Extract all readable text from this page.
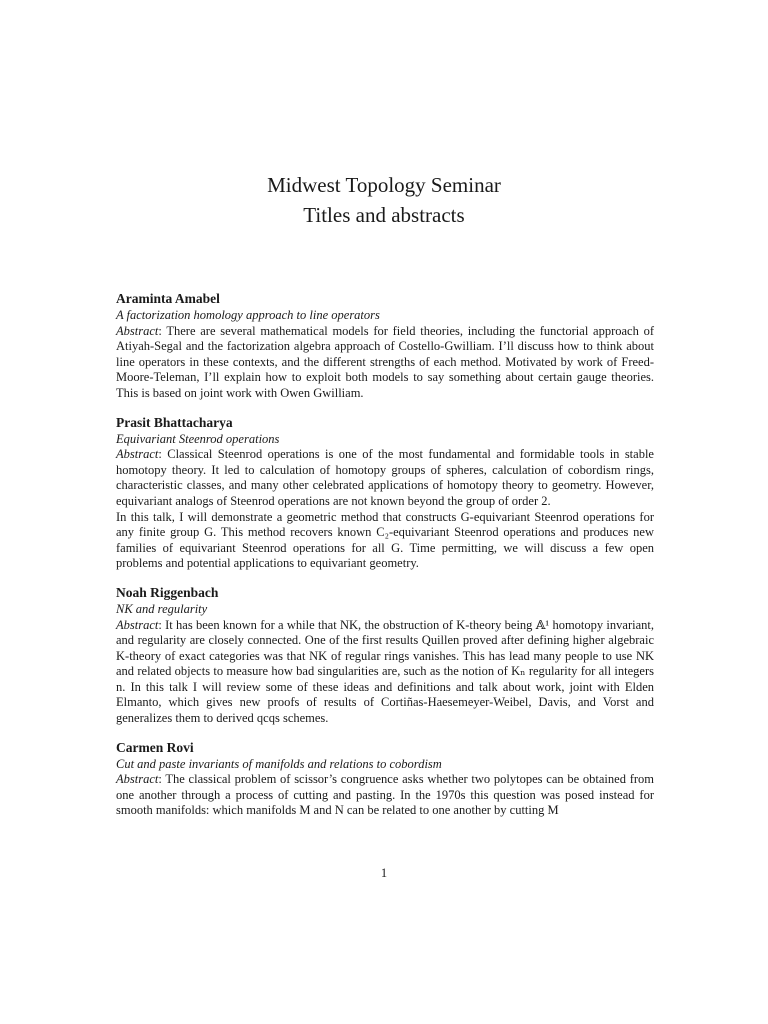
Midwest Topology Seminar
Titles and abstracts

Araminta Amabel

A factorization homology approach to line operators

Abstract: There are several mathematical models for field theories, including the functorial approach of Atiyah-Segal and the factorization algebra approach of Costello-Gwilliam. I’ll discuss how to think about line operators in these contexts, and the different strengths of each method. Motivated by work of Freed-Moore-Teleman, I’ll explain how to exploit both models to say something about certain gauge theories. This is based on joint work with Owen Gwilliam.

Prasit Bhattacharya

Equivariant Steenrod operations

Abstract: Classical Steenrod operations is one of the most fundamental and formidable tools in stable homotopy theory. It led to calculation of homotopy groups of spheres, calculation of cobordism rings, characteristic classes, and many other celebrated applications of homotopy theory to geometry. However, equivariant analogs of Steenrod operations are not known beyond the group of order 2.

In this talk, I will demonstrate a geometric method that constructs G-equivariant Steenrod operations for any finite group G. This method recovers known C₂-equivariant Steenrod operations and produces new families of equivariant Steenrod operations for all G. Time permitting, we will discuss a few open problems and potential applications to equivariant geometry.

Noah Riggenbach

NK and regularity

Abstract: It has been known for a while that NK, the obstruction of K-theory being 𝔸¹ homotopy invariant, and regularity are closely connected. One of the first results Quillen proved after defining higher algebraic K-theory of exact categories was that NK of regular rings vanishes. This has lead many people to use NK and related objects to measure how bad singularities are, such as the notion of Kₙ regularity for all integers n. In this talk I will review some of these ideas and definitions and talk about work, joint with Elden Elmanto, which gives new proofs of results of Cortiñas-Haesemeyer-Weibel, Davis, and Vorst and generalizes them to derived qcqs schemes.

Carmen Rovi

Cut and paste invariants of manifolds and relations to cobordism

Abstract: The classical problem of scissor’s congruence asks whether two polytopes can be obtained from one another through a process of cutting and pasting. In the 1970s this question was posed instead for smooth manifolds: which manifolds M and N can be related to one another by cutting M

1
